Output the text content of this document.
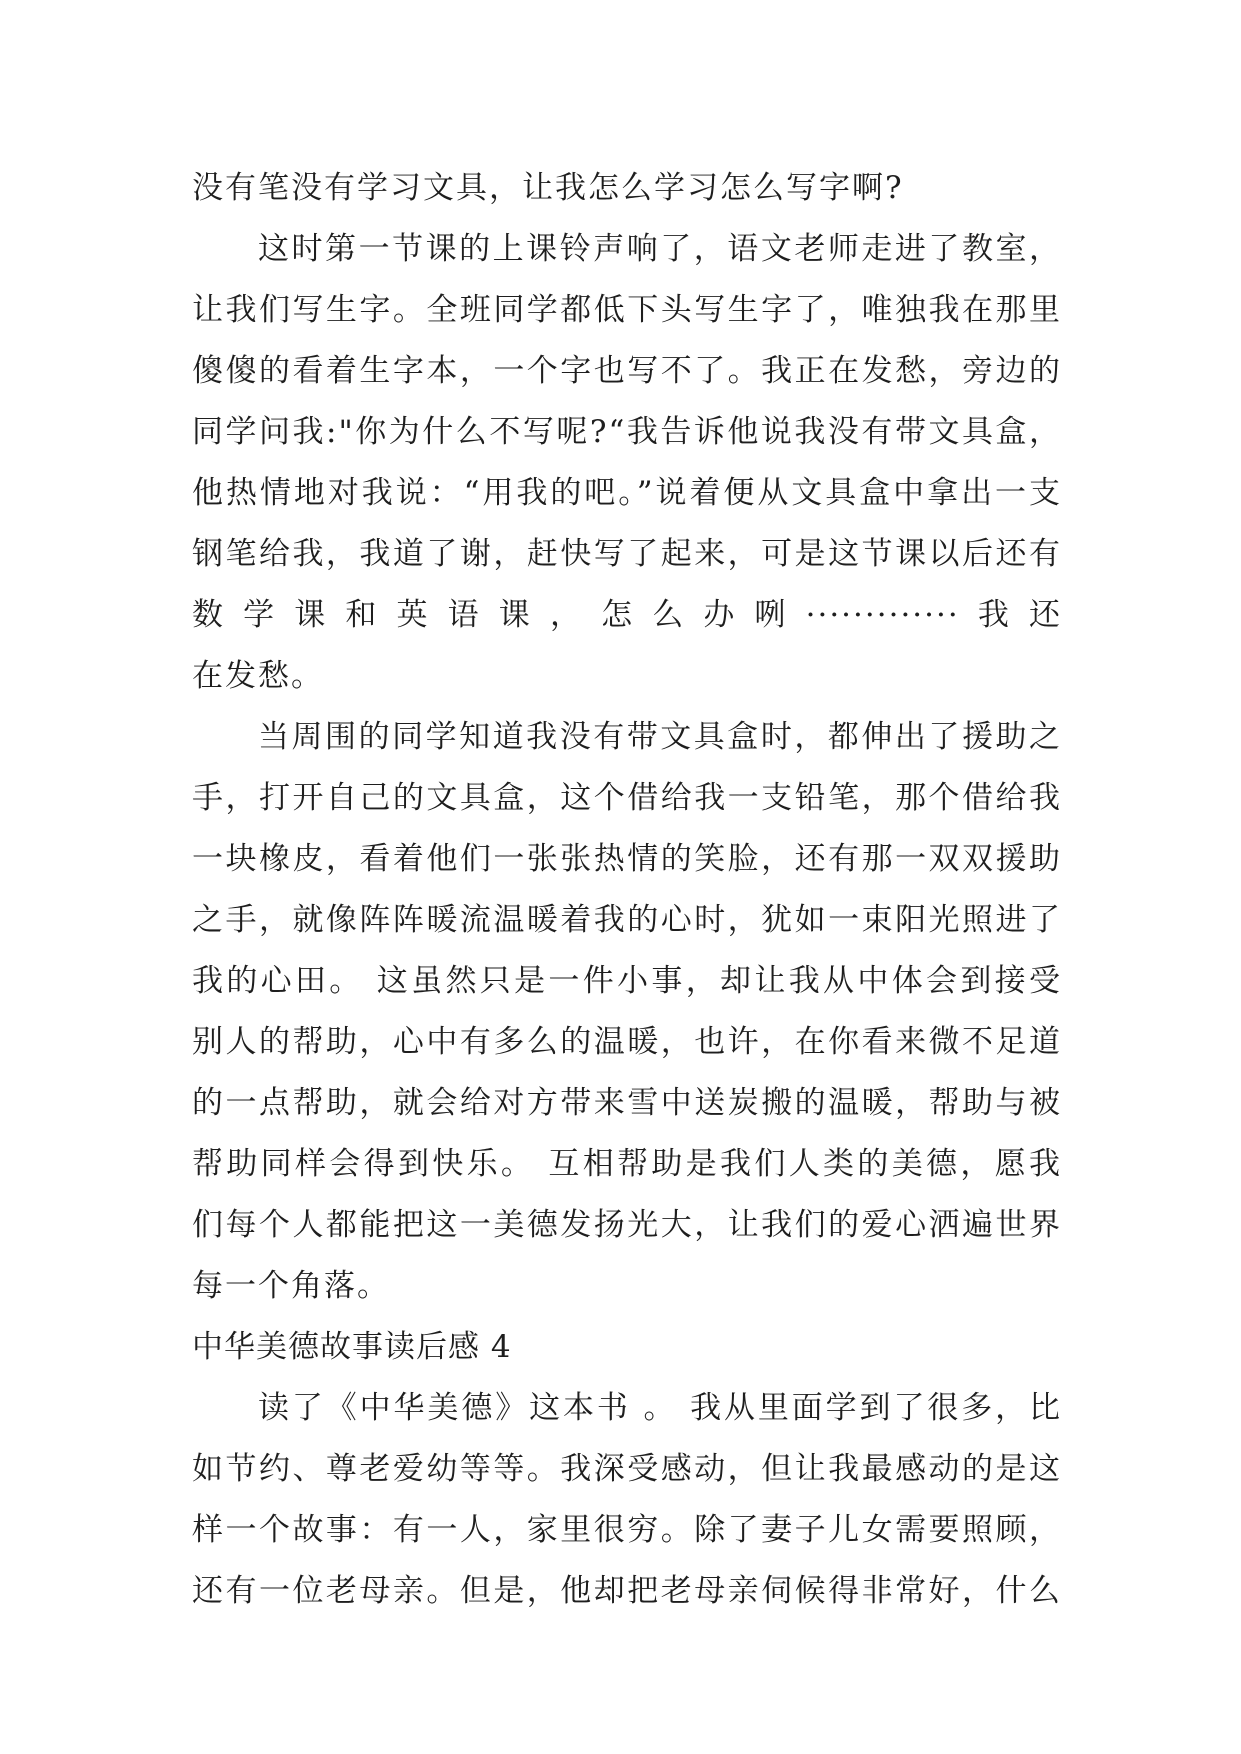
没有笔没有学习文具，让我怎么学习怎么写字啊?
这时第一节课的上课铃声响了，语文老师走进了教室，
让我们写生字。全班同学都低下头写生字了，唯独我在那里
傻傻的看着生字本，一个字也写不了。我正在发愁，旁边的
同学问我:"你为什么不写呢?“我告诉他说我没有带文具盒，
他热情地对我说：“用我的吧。”说着便从文具盒中拿出一支
钢笔给我，我道了谢，赶快写了起来，可是这节课以后还有
数学课和英语课，怎么办咧·············我还
在发愁。
当周围的同学知道我没有带文具盒时，都伸出了援助之
手，打开自己的文具盒，这个借给我一支铅笔，那个借给我
一块橡皮，看着他们一张张热情的笑脸，还有那一双双援助
之手，就像阵阵暖流温暖着我的心时，犹如一束阳光照进了
我的心田。 这虽然只是一件小事，却让我从中体会到接受
别人的帮助，心中有多么的温暖，也许，在你看来微不足道
的一点帮助，就会给对方带来雪中送炭搬的温暖，帮助与被
帮助同样会得到快乐。 互相帮助是我们人类的美德，愿我
们每个人都能把这一美德发扬光大，让我们的爱心洒遍世界
每一个角落。
中华美德故事读后感 4
读了《中华美德》这本书 。 我从里面学到了很多，比
如节约、尊老爱幼等等。我深受感动，但让我最感动的是这
样一个故事：有一人，家里很穷。除了妻子儿女需要照顾，
还有一位老母亲。但是，他却把老母亲伺候得非常好，什么
